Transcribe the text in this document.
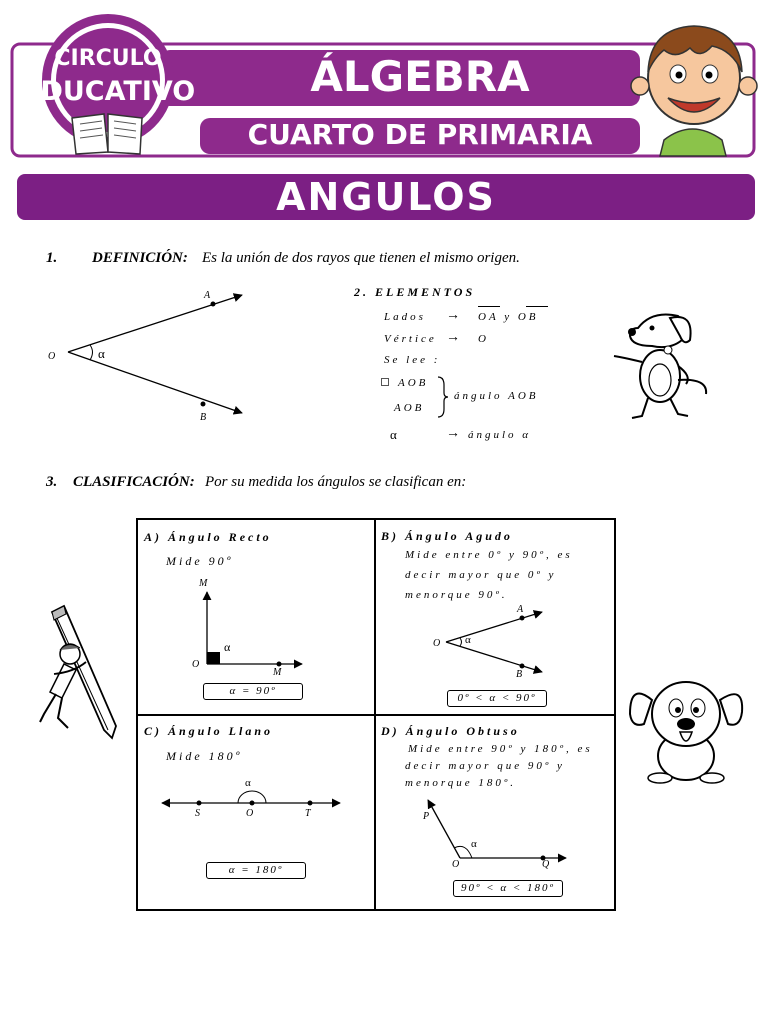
CIRCULO
EDUCATIVO	ÁLGEBRA
CUARTO DE PRIMARIA
ANGULOS
1. DEFINICIÓN: Es la unión de dos rayos que tienen el mismo origen.
A
O	α
B
2. ELEMENTOS
Lados → OA y OB
Vértice → O
Se lee :
AOB
AOB
ángulo AOB
α	→ ángulo α
3. CLASIFICACIÓN: Por su medida los ángulos se clasifican en:
A) Ángulo Recto
Mide 90º
M
α
O
M
α = 90º
B) Ángulo Agudo
Mide entre 0º y 90º, es
decir mayor que 0º y
menorque 90º.
A
O α
B
0º < α < 90º
C) Ángulo Llano
Mide 180º
α
S	O	T
α = 180º
D) Ángulo Obtuso
Mide entre 90º y 180º, es
decir mayor que 90º y
menorque 180º.
P
α
O	Q
90º < α < 180º
